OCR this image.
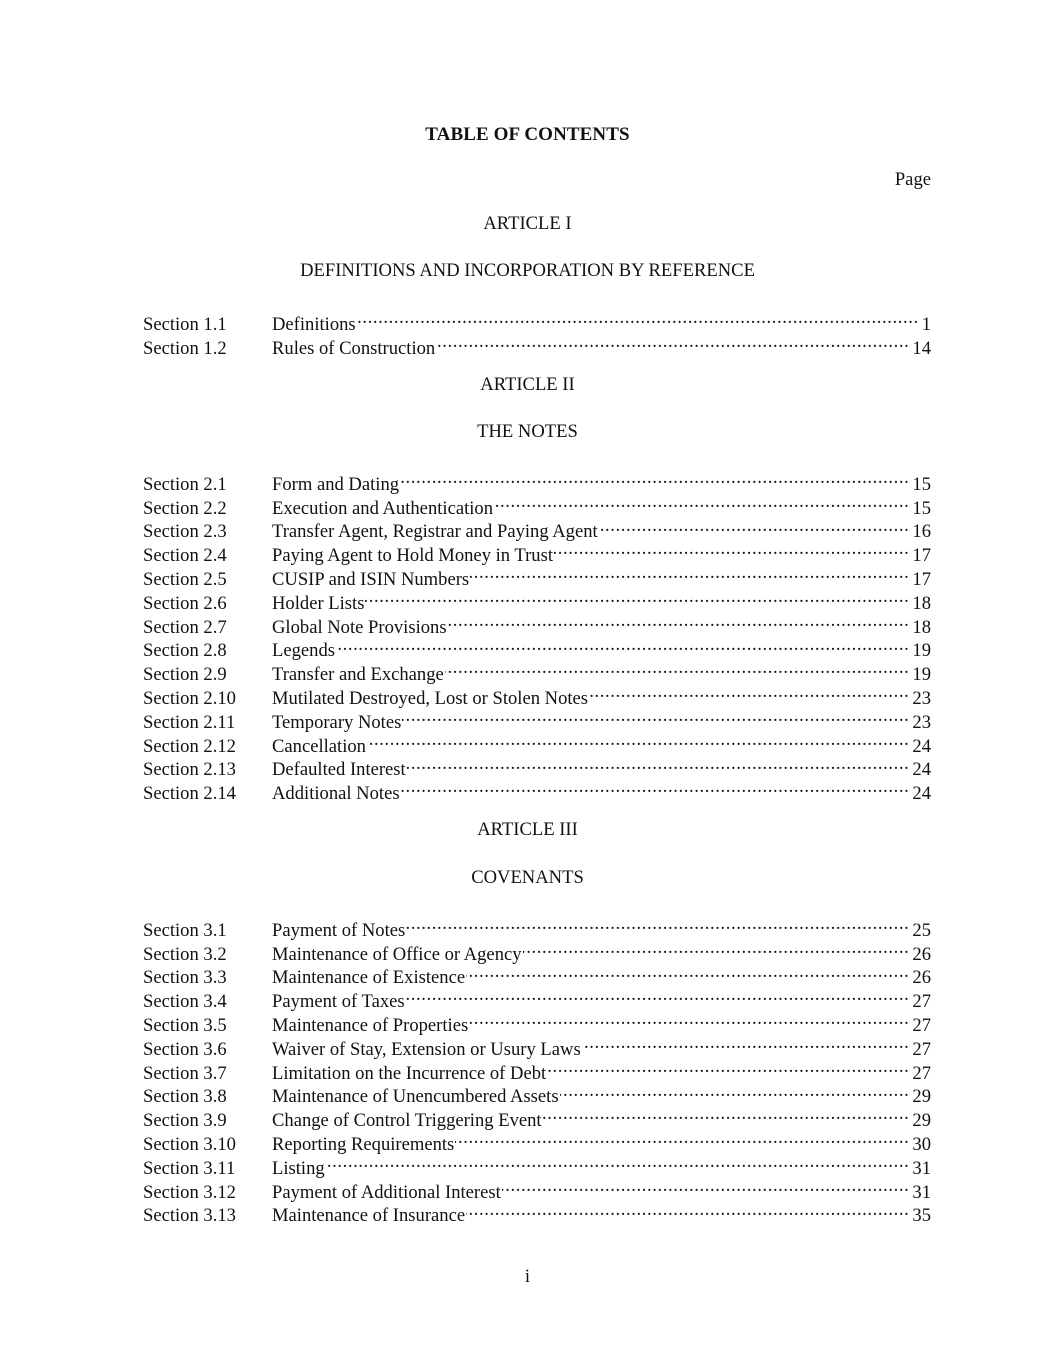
TABLE OF CONTENTS
Page
ARTICLE I
DEFINITIONS AND INCORPORATION BY REFERENCE
Section 1.1	Definitions .....	1
Section 1.2	Rules of Construction .....	14
ARTICLE II
THE NOTES
Section 2.1	Form and Dating .....	15
Section 2.2	Execution and Authentication .....	15
Section 2.3	Transfer Agent, Registrar and Paying Agent .....	16
Section 2.4	Paying Agent to Hold Money in Trust .....	17
Section 2.5	CUSIP and ISIN Numbers .....	17
Section 2.6	Holder Lists .....	18
Section 2.7	Global Note Provisions .....	18
Section 2.8	Legends .....	19
Section 2.9	Transfer and Exchange .....	19
Section 2.10	Mutilated Destroyed, Lost or Stolen Notes .....	23
Section 2.11	Temporary Notes .....	23
Section 2.12	Cancellation .....	24
Section 2.13	Defaulted Interest .....	24
Section 2.14	Additional Notes .....	24
ARTICLE III
COVENANTS
Section 3.1	Payment of Notes .....	25
Section 3.2	Maintenance of Office or Agency .....	26
Section 3.3	Maintenance of Existence .....	26
Section 3.4	Payment of Taxes .....	27
Section 3.5	Maintenance of Properties .....	27
Section 3.6	Waiver of Stay, Extension or Usury Laws .....	27
Section 3.7	Limitation on the Incurrence of Debt .....	27
Section 3.8	Maintenance of Unencumbered Assets .....	29
Section 3.9	Change of Control Triggering Event .....	29
Section 3.10	Reporting Requirements .....	30
Section 3.11	Listing .....	31
Section 3.12	Payment of Additional Interest .....	31
Section 3.13	Maintenance of Insurance .....	35
i
